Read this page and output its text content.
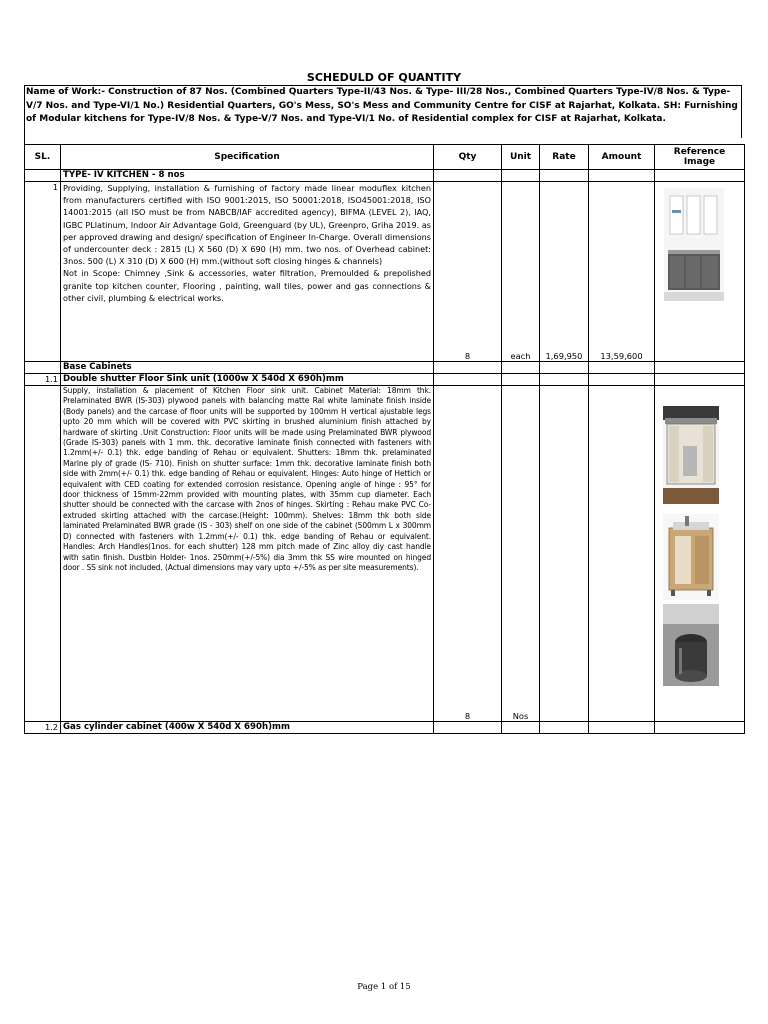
SCHEDULD OF QUANTITY
Name of Work:- Construction of 87 Nos. (Combined Quarters Type-II/43 Nos. & Type- III/28 Nos., Combined Quarters Type-IV/8 Nos. & Type-V/7 Nos. and Type-VI/1 No.) Residential Quarters, GO's Mess, SO's Mess and Community Centre for CISF at Rajarhat, Kolkata. SH: Furnishing of Modular kitchens for Type-IV/8 Nos. & Type-V/7 Nos. and Type-VI/1 No. of Residential complex for CISF at Rajarhat, Kolkata.
SL.	Specification	Qty	Unit	Rate	Amount	Reference Image
	TYPE- IV KITCHEN - 8 nos					
1	Providing, Supplying, installation & furnishing of factory made linear moduflex kitchen from manufacturers certified with ISO 9001:2015, ISO 50001:2018, ISO45001:2018, ISO 14001:2015 (all ISO must be from NABCB/IAF accredited agency), BIFMA (LEVEL 2), IAQ, IGBC PLlatinum, Indoor Air Advantage Gold, Greenguard (by UL), Greenpro, Griha 2019. as per approved drawing and design/ specification of Engineer In-Charge. Overall dimensions of undercounter deck : 2815 (L) X 560 (D) X 690 (H) mm. two nos. of Overhead cabinet: 3nos. 500 (L) X 310 (D) X 600 (H) mm.(without soft closing hinges & channels)
Not in Scope: Chimney ,Sink & accessories, water filtration, Premoulded & prepolished granite top kitchen counter, Flooring , painting, wall tiles, power and gas connections & other civil, plumbing & electrical works.	8	each	1,69,950	13,59,600	

	Base Cabinets					
1.1	Double shutter Floor Sink unit (1000w X 540d X 690h)mm					
	Supply, installation & placement of Kitchen Floor sink unit. Cabinet Material: 18mm thk. Prelaminated BWR (IS-303) plywood panels with balancing matte Ral white laminate finish inside (Body panels) and the carcase of floor units will be supported by 100mm H vertical ajustable legs upto 20 mm which will be covered with PVC skirting in brushed aluminium finish attached by hardware of skirting .Unit Construction: Floor units will be made using Prelaminated BWR plywood (Grade IS-303) panels with 1 mm. thk. decorative laminate finish connected with fasteners with 1.2mm(+/- 0.1) thk. edge banding of Rehau or equivalent. Shutters: 18mm thk. prelaminated Marine ply of grade (IS- 710). Finish on shutter surface: 1mm thk. decorative laminate finish both side with 2mm(+/- 0.1) thk. edge banding of Rehau or equivalent. Hinges: Auto hinge of Hettich or equivalent with CED coating for extended corrosion resistance. Opening angle of hinge : 95° for door thickness of 15mm-22mm provided with mounting plates, with 35mm cup diameter. Each shutter should be connected with the carcase with 2nos of hinges. Skirting : Rehau make PVC Co-extruded skirting attached with the carcase.(Height: 100mm). Shelves: 18mm thk both side laminated Prelaminated BWR grade (IS - 303) shelf on one side of the cabinet (500mm L x 300mm D) connected with fasteners with 1.2mm(+/- 0.1) thk. edge banding of Rehau or equivalent. Handles: Arch Handles(1nos. for each shutter) 128 mm pitch made of Zinc alloy diy cast handle with satin finish. Dustbin Holder- 1nos. 250mm(+/-5%) dia 3mm thk SS wire mounted on hinged door . SS sink not included. (Actual dimensions may vary upto +/-5% as per site measurements).	8	Nos			

1.2	Gas cylinder cabinet (400w X 540d X 690h)mm					
Page 1 of 15
